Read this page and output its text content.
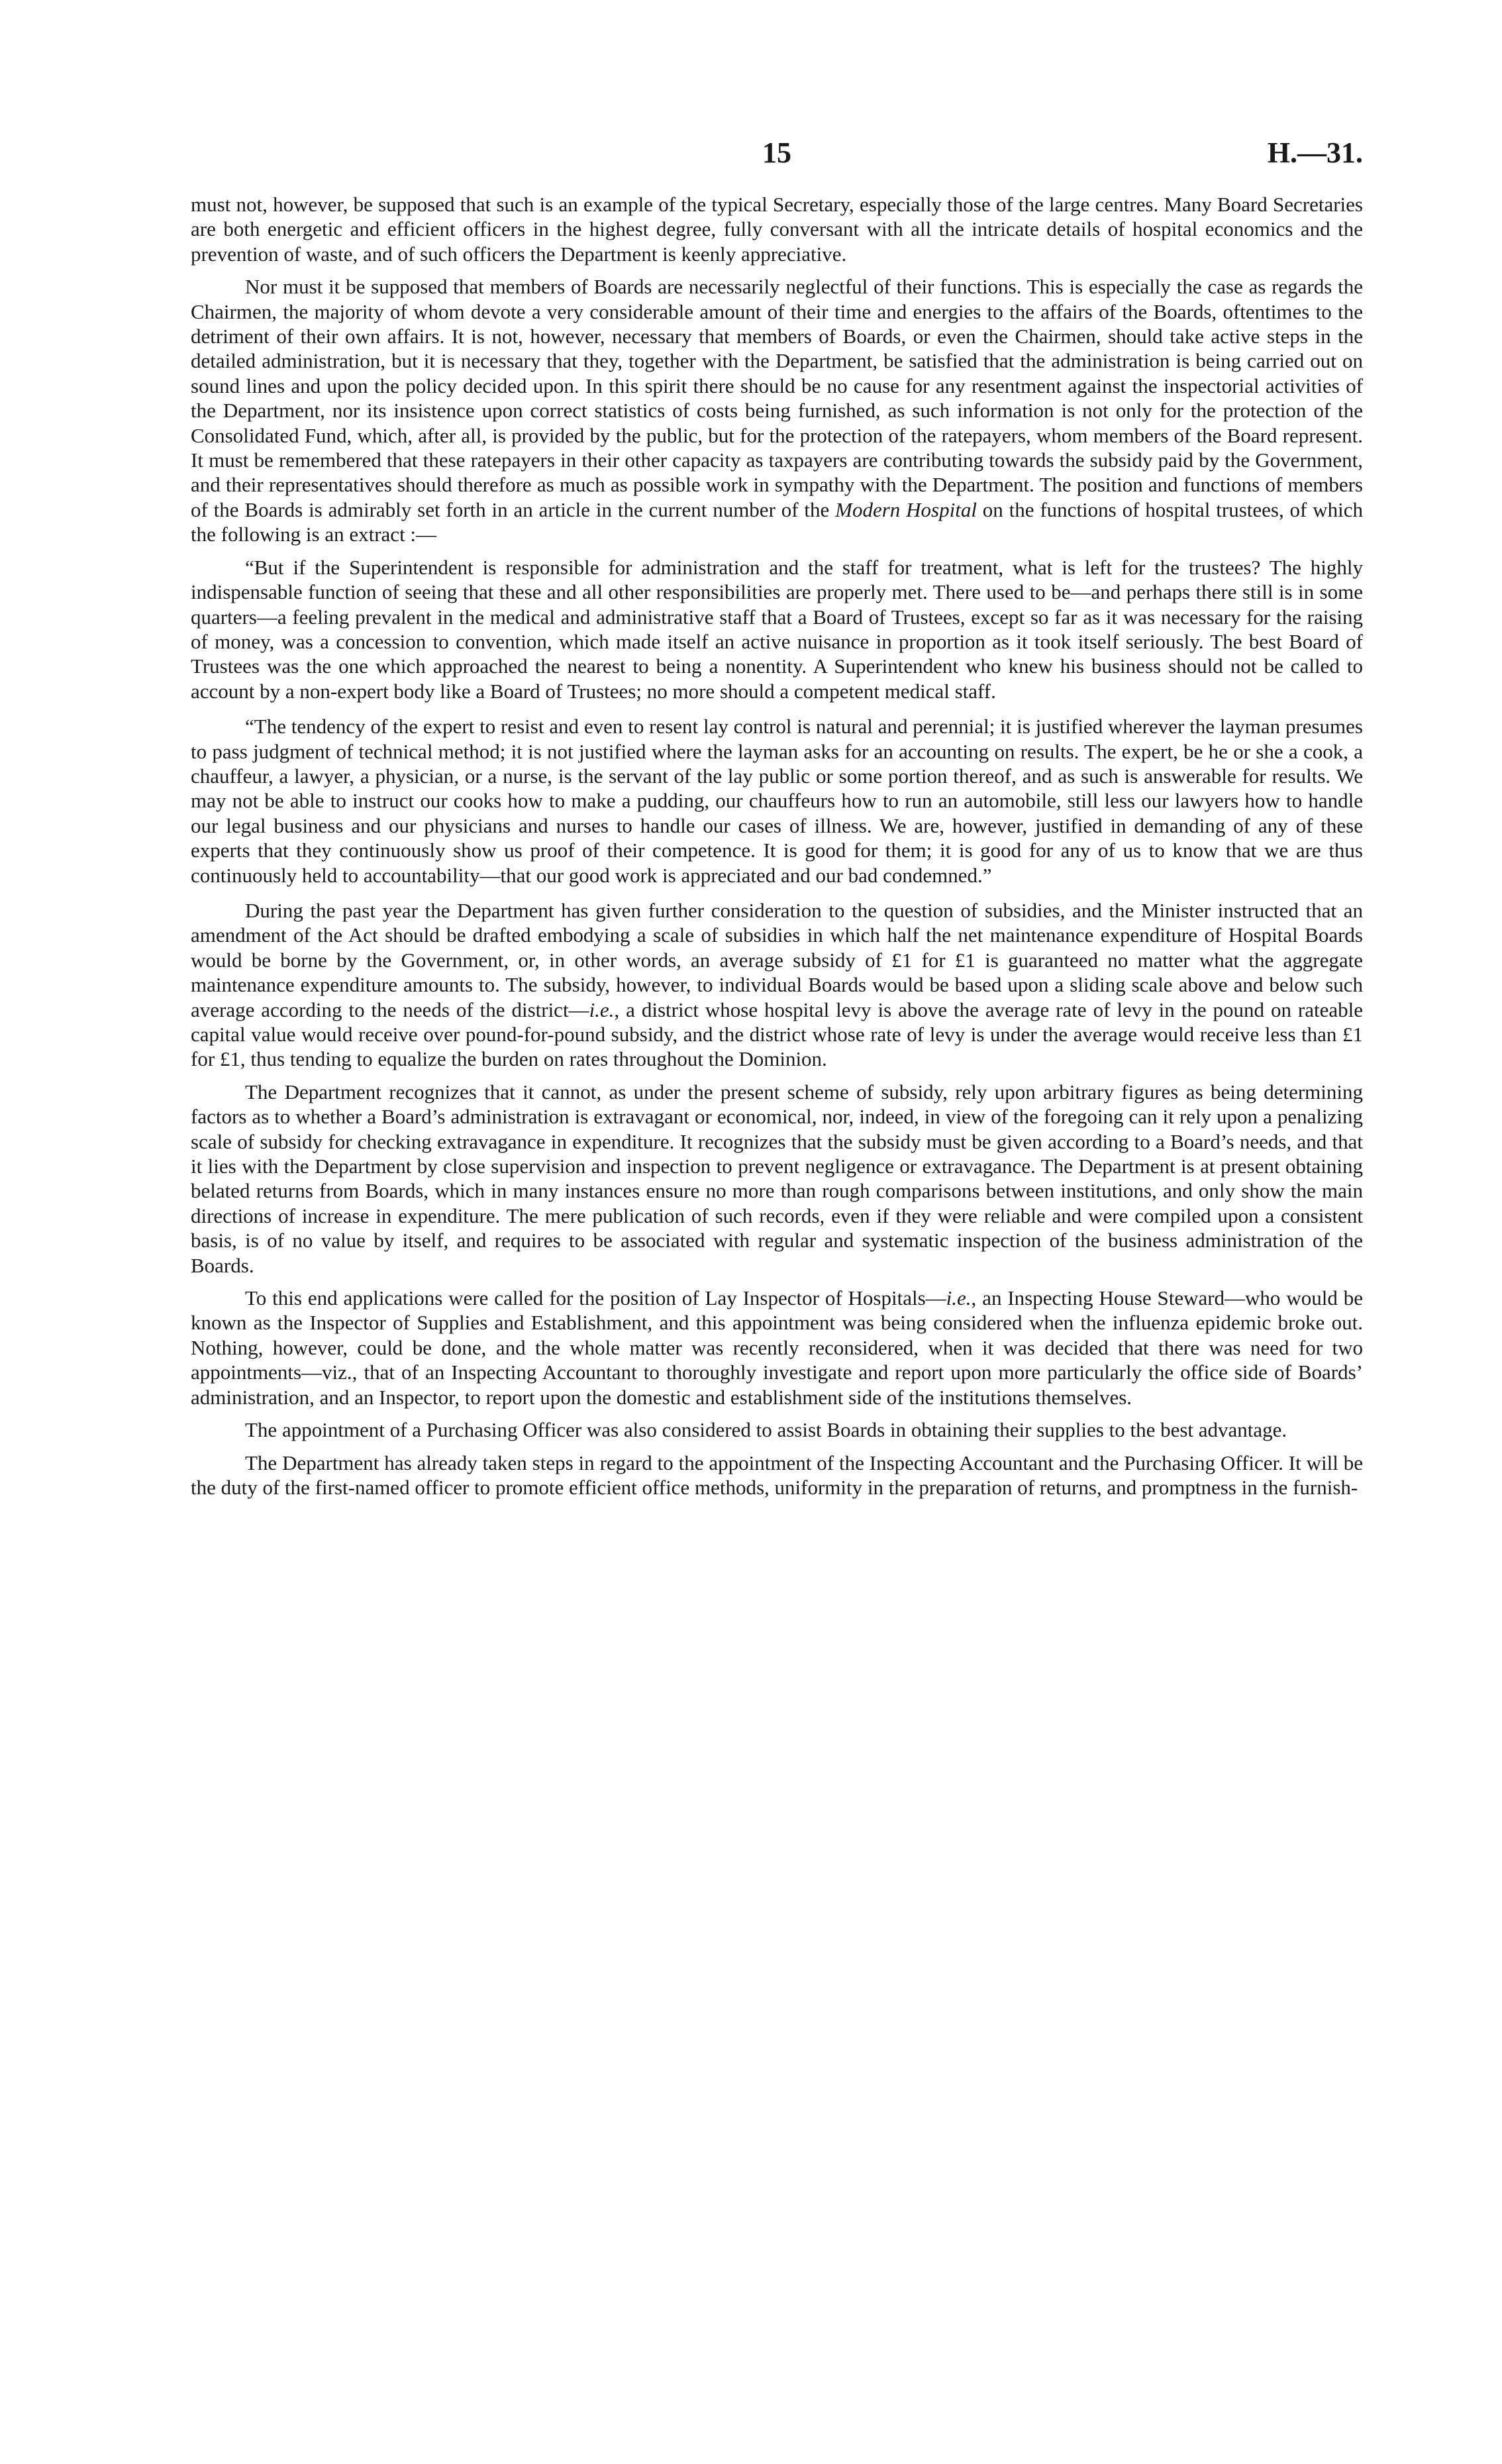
15	H.—31.

must not, however, be supposed that such is an example of the typical Secretary, especially those of the large centres. Many Board Secretaries are both energetic and efficient officers in the highest degree, fully conversant with all the intricate details of hospital economics and the prevention of waste, and of such officers the Department is keenly appreciative.

Nor must it be supposed that members of Boards are necessarily neglectful of their functions. This is especially the case as regards the Chairmen, the majority of whom devote a very considerable amount of their time and energies to the affairs of the Boards, oftentimes to the detriment of their own affairs. It is not, however, necessary that members of Boards, or even the Chairmen, should take active steps in the detailed administration, but it is necessary that they, together with the Department, be satisfied that the administration is being carried out on sound lines and upon the policy decided upon. In this spirit there should be no cause for any resentment against the inspectorial activities of the Department, nor its insistence upon correct statistics of costs being furnished, as such information is not only for the protection of the Consolidated Fund, which, after all, is provided by the public, but for the protection of the ratepayers, whom members of the Board represent. It must be remembered that these ratepayers in their other capacity as taxpayers are contributing towards the subsidy paid by the Government, and their representatives should therefore as much as possible work in sympathy with the Department. The position and functions of members of the Boards is admirably set forth in an article in the current number of the Modern Hospital on the functions of hospital trustees, of which the following is an extract :—

“But if the Superintendent is responsible for administration and the staff for treatment, what is left for the trustees? The highly indispensable function of seeing that these and all other responsibilities are properly met. There used to be—and perhaps there still is in some quarters—a feeling prevalent in the medical and administrative staff that a Board of Trustees, except so far as it was necessary for the raising of money, was a concession to convention, which made itself an active nuisance in proportion as it took itself seriously. The best Board of Trustees was the one which approached the nearest to being a nonentity. A Superintendent who knew his business should not be called to account by a non-expert body like a Board of Trustees; no more should a competent medical staff.

“The tendency of the expert to resist and even to resent lay control is natural and perennial; it is justified wherever the layman presumes to pass judgment of technical method; it is not justified where the layman asks for an accounting on results. The expert, be he or she a cook, a chauffeur, a lawyer, a physician, or a nurse, is the servant of the lay public or some portion thereof, and as such is answerable for results. We may not be able to instruct our cooks how to make a pudding, our chauffeurs how to run an automobile, still less our lawyers how to handle our legal business and our physicians and nurses to handle our cases of illness. We are, however, justified in demanding of any of these experts that they continuously show us proof of their competence. It is good for them; it is good for any of us to know that we are thus continuously held to accountability—that our good work is appreciated and our bad condemned.”

During the past year the Department has given further consideration to the question of subsidies, and the Minister instructed that an amendment of the Act should be drafted embodying a scale of subsidies in which half the net maintenance expenditure of Hospital Boards would be borne by the Government, or, in other words, an average subsidy of £1 for £1 is guaranteed no matter what the aggregate maintenance expenditure amounts to. The subsidy, however, to individual Boards would be based upon a sliding scale above and below such average according to the needs of the district—i.e., a district whose hospital levy is above the average rate of levy in the pound on rateable capital value would receive over pound-for-pound subsidy, and the district whose rate of levy is under the average would receive less than £1 for £1, thus tending to equalize the burden on rates throughout the Dominion.

The Department recognizes that it cannot, as under the present scheme of subsidy, rely upon arbitrary figures as being determining factors as to whether a Board’s administration is extravagant or economical, nor, indeed, in view of the foregoing can it rely upon a penalizing scale of subsidy for checking extravagance in expenditure. It recognizes that the subsidy must be given according to a Board’s needs, and that it lies with the Department by close supervision and inspection to prevent negligence or extravagance. The Department is at present obtaining belated returns from Boards, which in many instances ensure no more than rough comparisons between institutions, and only show the main directions of increase in expenditure. The mere publication of such records, even if they were reliable and were compiled upon a consistent basis, is of no value by itself, and requires to be associated with regular and systematic inspection of the business administration of the Boards.

To this end applications were called for the position of Lay Inspector of Hospitals—i.e., an Inspecting House Steward—who would be known as the Inspector of Supplies and Establishment, and this appointment was being considered when the influenza epidemic broke out. Nothing, however, could be done, and the whole matter was recently reconsidered, when it was decided that there was need for two appointments—viz., that of an Inspecting Accountant to thoroughly investigate and report upon more particularly the office side of Boards’ administration, and an Inspector, to report upon the domestic and establishment side of the institutions themselves.

The appointment of a Purchasing Officer was also considered to assist Boards in obtaining their supplies to the best advantage.

The Department has already taken steps in regard to the appointment of the Inspecting Accountant and the Purchasing Officer. It will be the duty of the first-named officer to promote efficient office methods, uniformity in the preparation of returns, and promptness in the furnish-
